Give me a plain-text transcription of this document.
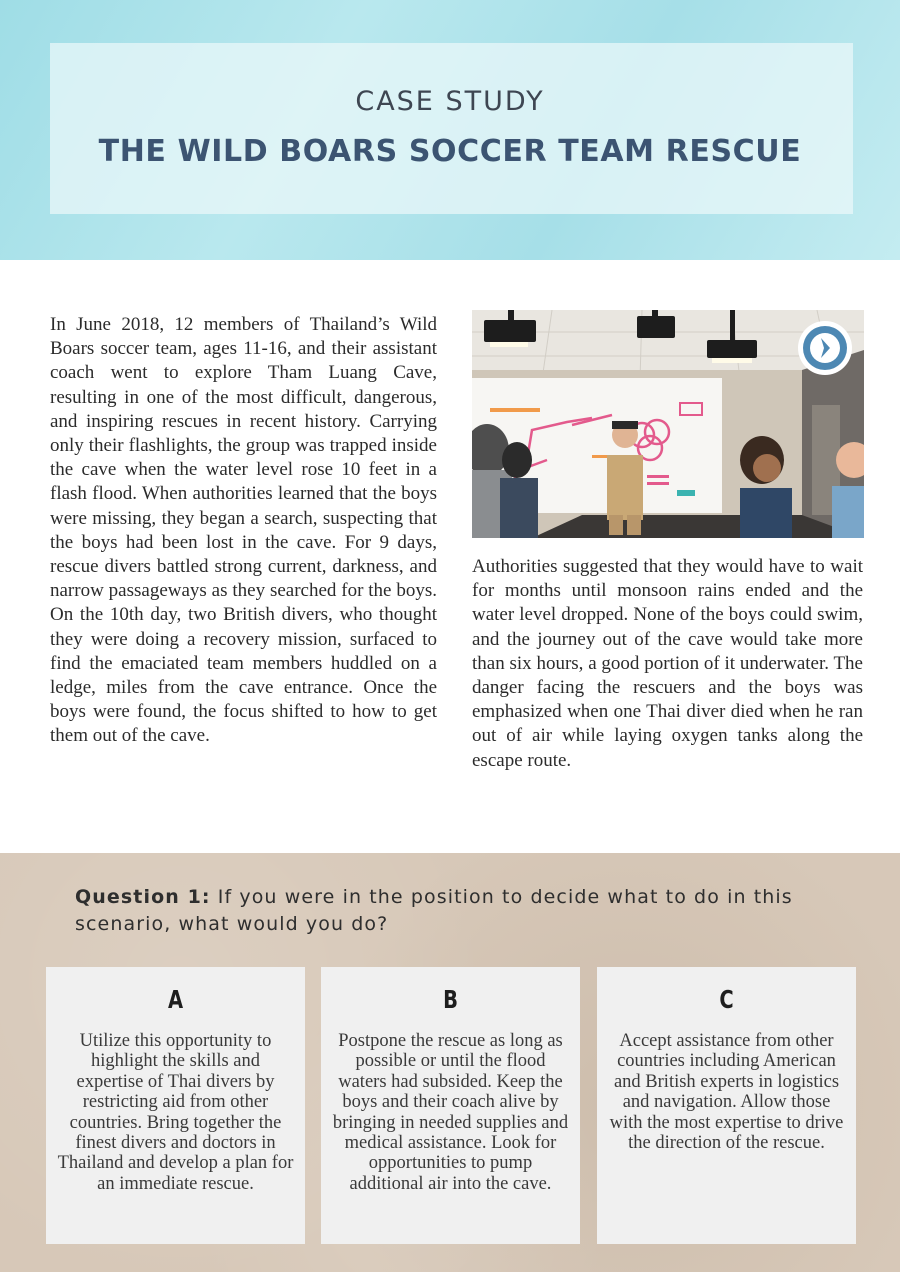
CASE STUDY
THE WILD BOARS SOCCER TEAM RESCUE

In June 2018, 12 members of Thailand’s Wild Boars soccer team, ages 11-16, and their assistant coach went to explore Tham Luang Cave, resulting in one of the most difficult, dangerous, and inspiring rescues in recent history. Carrying only their flashlights, the group was trapped inside the cave when the water level rose 10 feet in a flash flood. When authorities learned that the boys were missing, they began a search, suspecting that the boys had been lost in the cave. For 9 days, rescue divers battled strong current, darkness, and narrow passageways as they searched for the boys. On the 10th day, two British divers, who thought they were doing a recovery mission, surfaced to find the emaciated team members huddled on a ledge, miles from the cave entrance. Once the boys were found, the focus shifted to how to get them out of the cave.

Authorities suggested that they would have to wait for months until monsoon rains ended and the water level dropped. None of the boys could swim, and the journey out of the cave would take more than six hours, a good portion of it underwater. The danger facing the rescuers and the boys was emphasized when one Thai diver died when he ran out of air while laying oxygen tanks along the escape route.

Question 1: If you were in the position to decide what to do in this scenario, what would you do?

A
Utilize this opportunity to highlight the skills and expertise of Thai divers by restricting aid from other countries. Bring together the finest divers and doctors in Thailand and develop a plan for an immediate rescue.
B
Postpone the rescue as long as possible or until the flood waters had subsided. Keep the boys and their coach alive by bringing in needed supplies and medical assistance. Look for opportunities to pump additional air into the cave.
C
Accept assistance from other countries including American and British experts in logistics and navigation. Allow those with the most expertise to drive the direction of the rescue.
